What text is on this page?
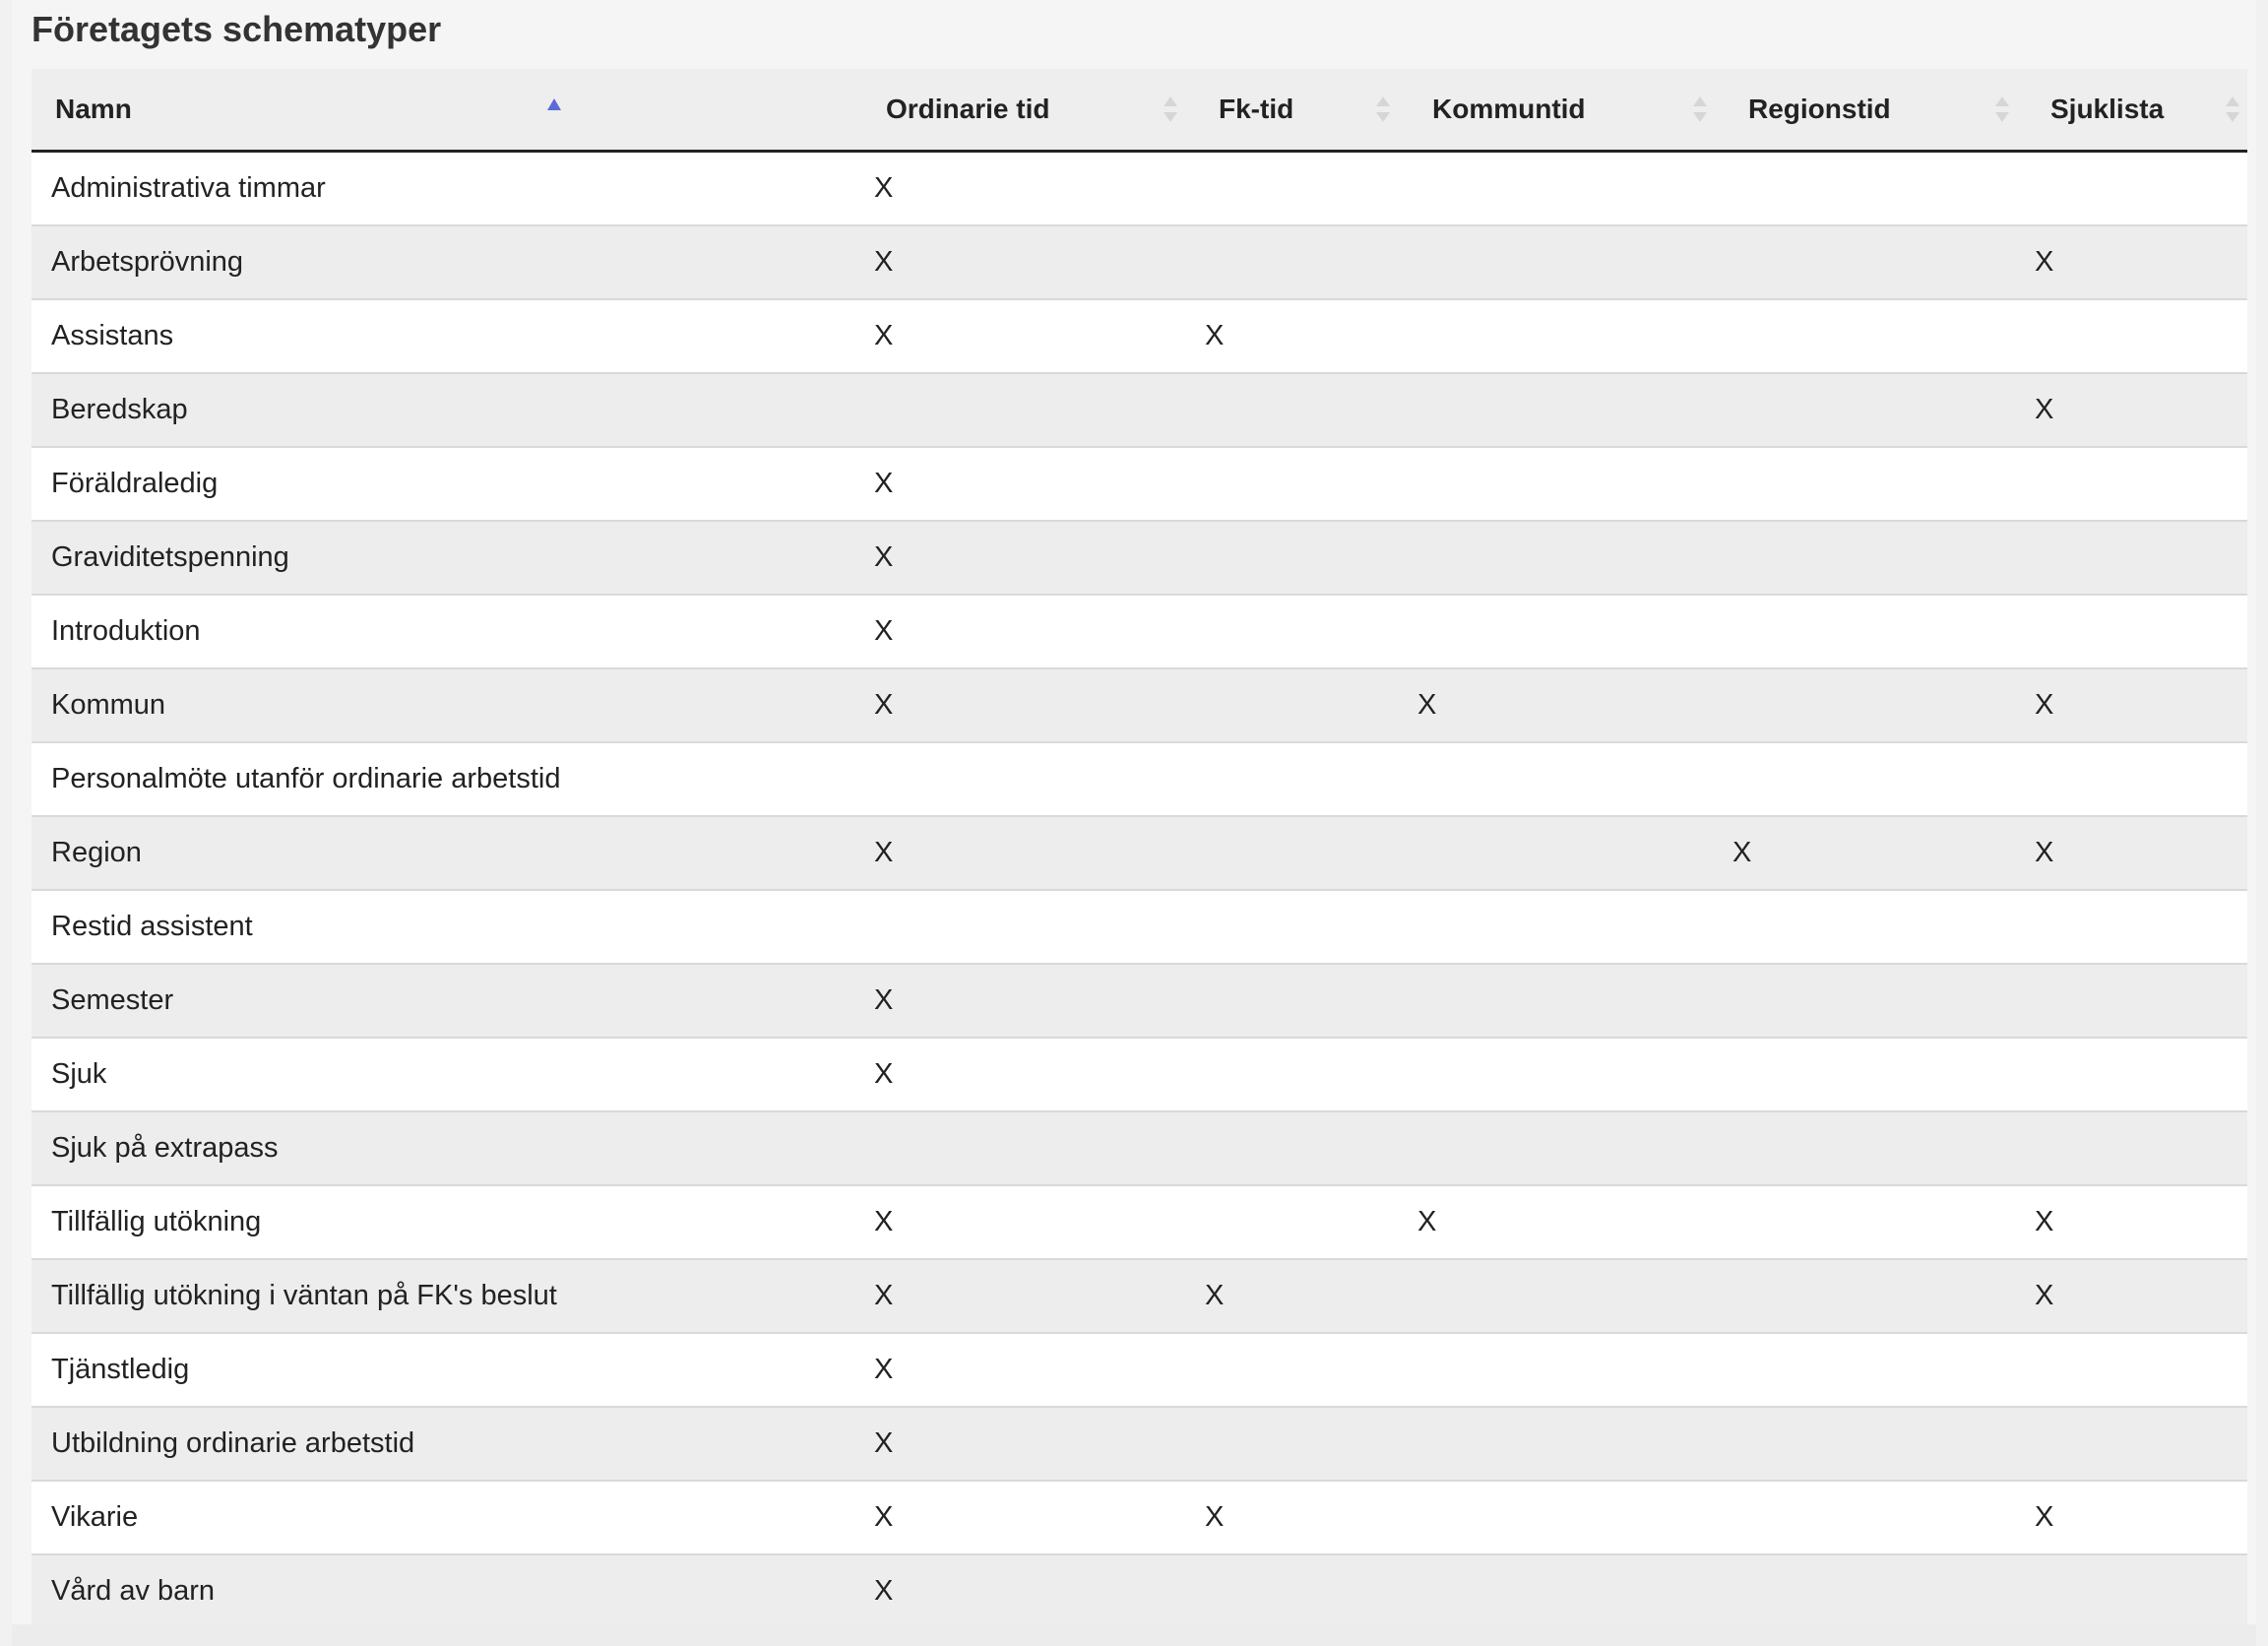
Företagets schematyper
Namn	Ordinarie tid	Fk-tid	Kommuntid	Regionstid	Sjuklista

Administrativa timmar	X				
Arbetsprövning	X				X
Assistans	X	X			
Beredskap					X
Föräldraledig	X				
Graviditetspenning	X				
Introduktion	X				
Kommun	X		X		X
Personalmöte utanför ordinarie arbetstid					
Region	X			X	X
Restid assistent					
Semester	X				
Sjuk	X				
Sjuk på extrapass					
Tillfällig utökning	X		X		X
Tillfällig utökning i väntan på FK's beslut	X	X			X
Tjänstledig	X				
Utbildning ordinarie arbetstid	X				
Vikarie	X	X			X
Vård av barn	X				
